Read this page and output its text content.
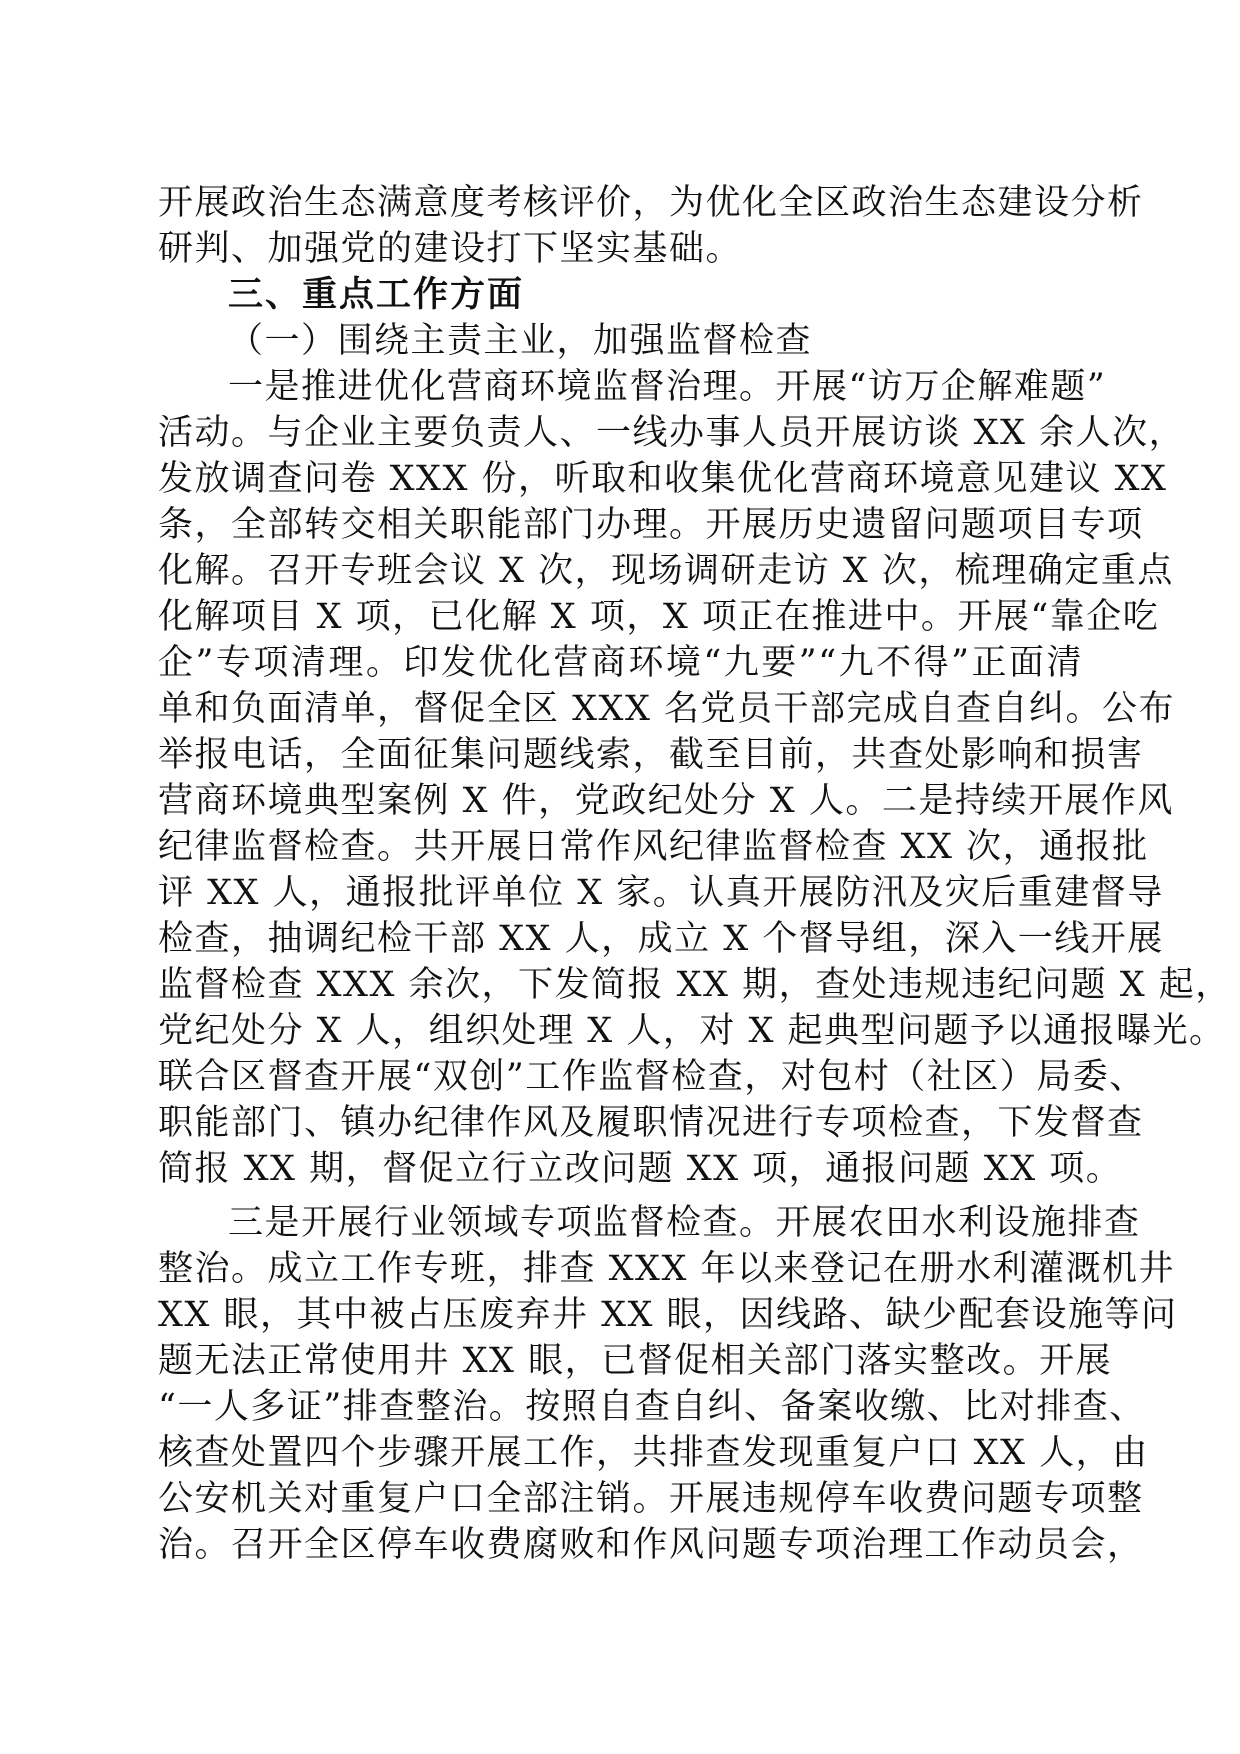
开展政治生态满意度考核评价，为优化全区政治生态建设分析
研判、加强党的建设打下坚实基础。
三、重点工作方面
（一）围绕主责主业，加强监督检查
一是推进优化营商环境监督治理。开展“访万企解难题”
活动。与企业主要负责人、一线办事人员开展访谈 XX 余人次，
发放调查问卷 XXX 份，听取和收集优化营商环境意见建议 XX
条，全部转交相关职能部门办理。开展历史遗留问题项目专项
化解。召开专班会议 X 次，现场调研走访 X 次，梳理确定重点
化解项目 X 项，已化解 X 项，X 项正在推进中。开展“靠企吃
企”专项清理。印发优化营商环境“九要”“九不得”正面清
单和负面清单，督促全区 XXX 名党员干部完成自查自纠。公布
举报电话，全面征集问题线索，截至目前，共查处影响和损害
营商环境典型案例 X 件，党政纪处分 X 人。二是持续开展作风
纪律监督检查。共开展日常作风纪律监督检查 XX 次，通报批
评 XX 人，通报批评单位 X 家。认真开展防汛及灾后重建督导
检查，抽调纪检干部 XX 人，成立 X 个督导组，深入一线开展
监督检查 XXX 余次，下发简报 XX 期，查处违规违纪问题 X 起，
党纪处分 X 人，组织处理 X 人，对 X 起典型问题予以通报曝光。
联合区督查开展“双创”工作监督检查，对包村（社区）局委、
职能部门、镇办纪律作风及履职情况进行专项检查，下发督查
简报 XX 期，督促立行立改问题 XX 项，通报问题 XX 项。
三是开展行业领域专项监督检查。开展农田水利设施排查
整治。成立工作专班，排查 XXX 年以来登记在册水利灌溉机井
XX 眼，其中被占压废弃井 XX 眼，因线路、缺少配套设施等问
题无法正常使用井 XX 眼，已督促相关部门落实整改。开展
“一人多证”排查整治。按照自查自纠、备案收缴、比对排查、
核查处置四个步骤开展工作，共排查发现重复户口 XX 人，由
公安机关对重复户口全部注销。开展违规停车收费问题专项整
治。召开全区停车收费腐败和作风问题专项治理工作动员会，
